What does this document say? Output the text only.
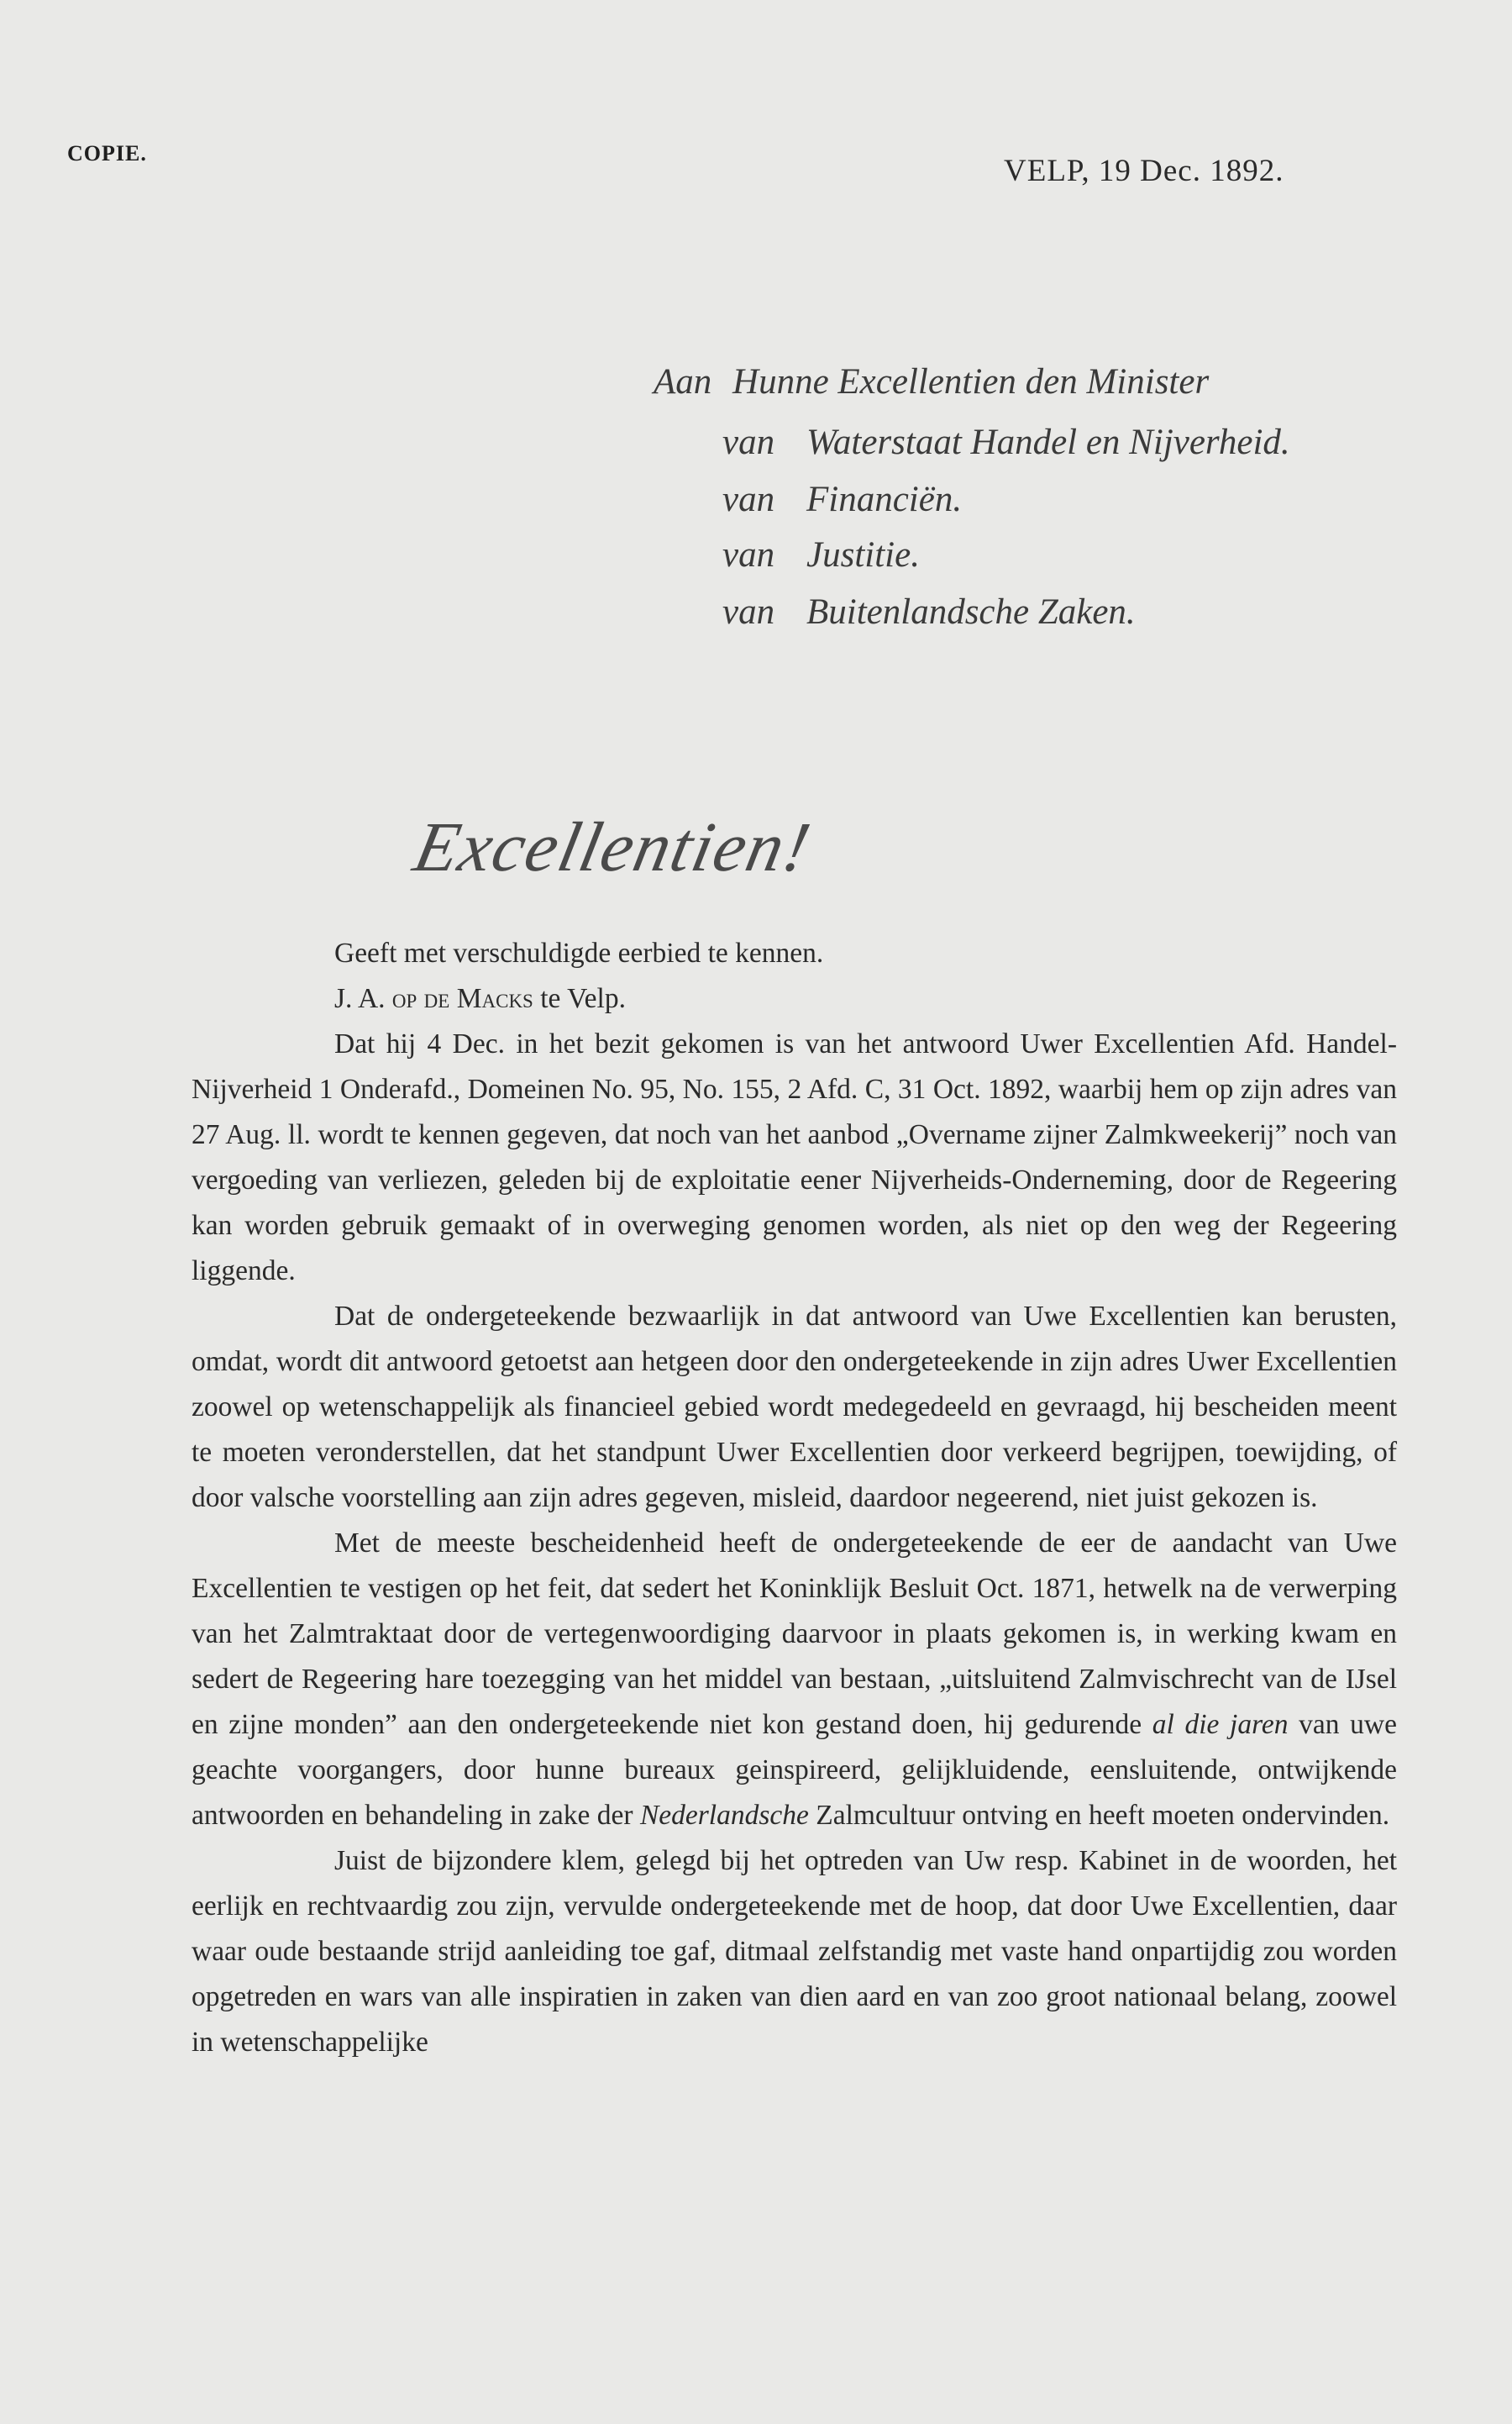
COPIE.
VELP, 19 Dec. 1892.
Aan Hunne Excellentien den Minister
van Waterstaat Handel en Nijverheid.
van Financiën.
van Justitie.
van Buitenlandsche Zaken.
Excellentien!

Geeft met verschuldigde eerbied te kennen.

J. A. op de Macks te Velp.

Dat hij 4 Dec. in het bezit gekomen is van het antwoord Uwer Excellentien Afd. Handel-Nijverheid 1 Onderafd., Domeinen No. 95, No. 155, 2 Afd. C, 31 Oct. 1892, waarbij hem op zijn adres van 27 Aug. ll. wordt te kennen gegeven, dat noch van het aanbod „Overname zijner Zalmkweekerij” noch van vergoeding van verliezen, geleden bij de exploitatie eener Nijverheids-Onderneming, door de Regeering kan worden gebruik gemaakt of in overweging genomen worden, als niet op den weg der Regeering liggende.

Dat de ondergeteekende bezwaarlijk in dat antwoord van Uwe Excellentien kan berusten, omdat, wordt dit antwoord getoetst aan hetgeen door den ondergeteekende in zijn adres Uwer Excellentien zoowel op wetenschappelijk als financieel gebied wordt medegedeeld en gevraagd, hij bescheiden meent te moeten veronderstellen, dat het standpunt Uwer Excellentien door verkeerd begrijpen, toewijding, of door valsche voorstelling aan zijn adres gegeven, misleid, daardoor negeerend, niet juist gekozen is.

Met de meeste bescheidenheid heeft de ondergeteekende de eer de aandacht van Uwe Excellentien te vestigen op het feit, dat sedert het Koninklijk Besluit Oct. 1871, hetwelk na de verwerping van het Zalmtraktaat door de vertegenwoordiging daarvoor in plaats gekomen is, in werking kwam en sedert de Regeering hare toezegging van het middel van bestaan, „uitsluitend Zalmvischrecht van de IJsel en zijne monden” aan den ondergeteekende niet kon gestand doen, hij gedurende al die jaren van uwe geachte voorgangers, door hunne bureaux geinspireerd, gelijkluidende, eensluitende, ontwijkende antwoorden en behandeling in zake der Nederlandsche Zalmcultuur ontving en heeft moeten ondervinden.

Juist de bijzondere klem, gelegd bij het optreden van Uw resp. Kabinet in de woorden, het eerlijk en rechtvaardig zou zijn, vervulde ondergeteekende met de hoop, dat door Uwe Excellentien, daar waar oude bestaande strijd aanleiding toe gaf, ditmaal zelfstandig met vaste hand onpartijdig zou worden opgetreden en wars van alle inspiratien in zaken van dien aard en van zoo groot nationaal belang, zoowel in wetenschappelijke
